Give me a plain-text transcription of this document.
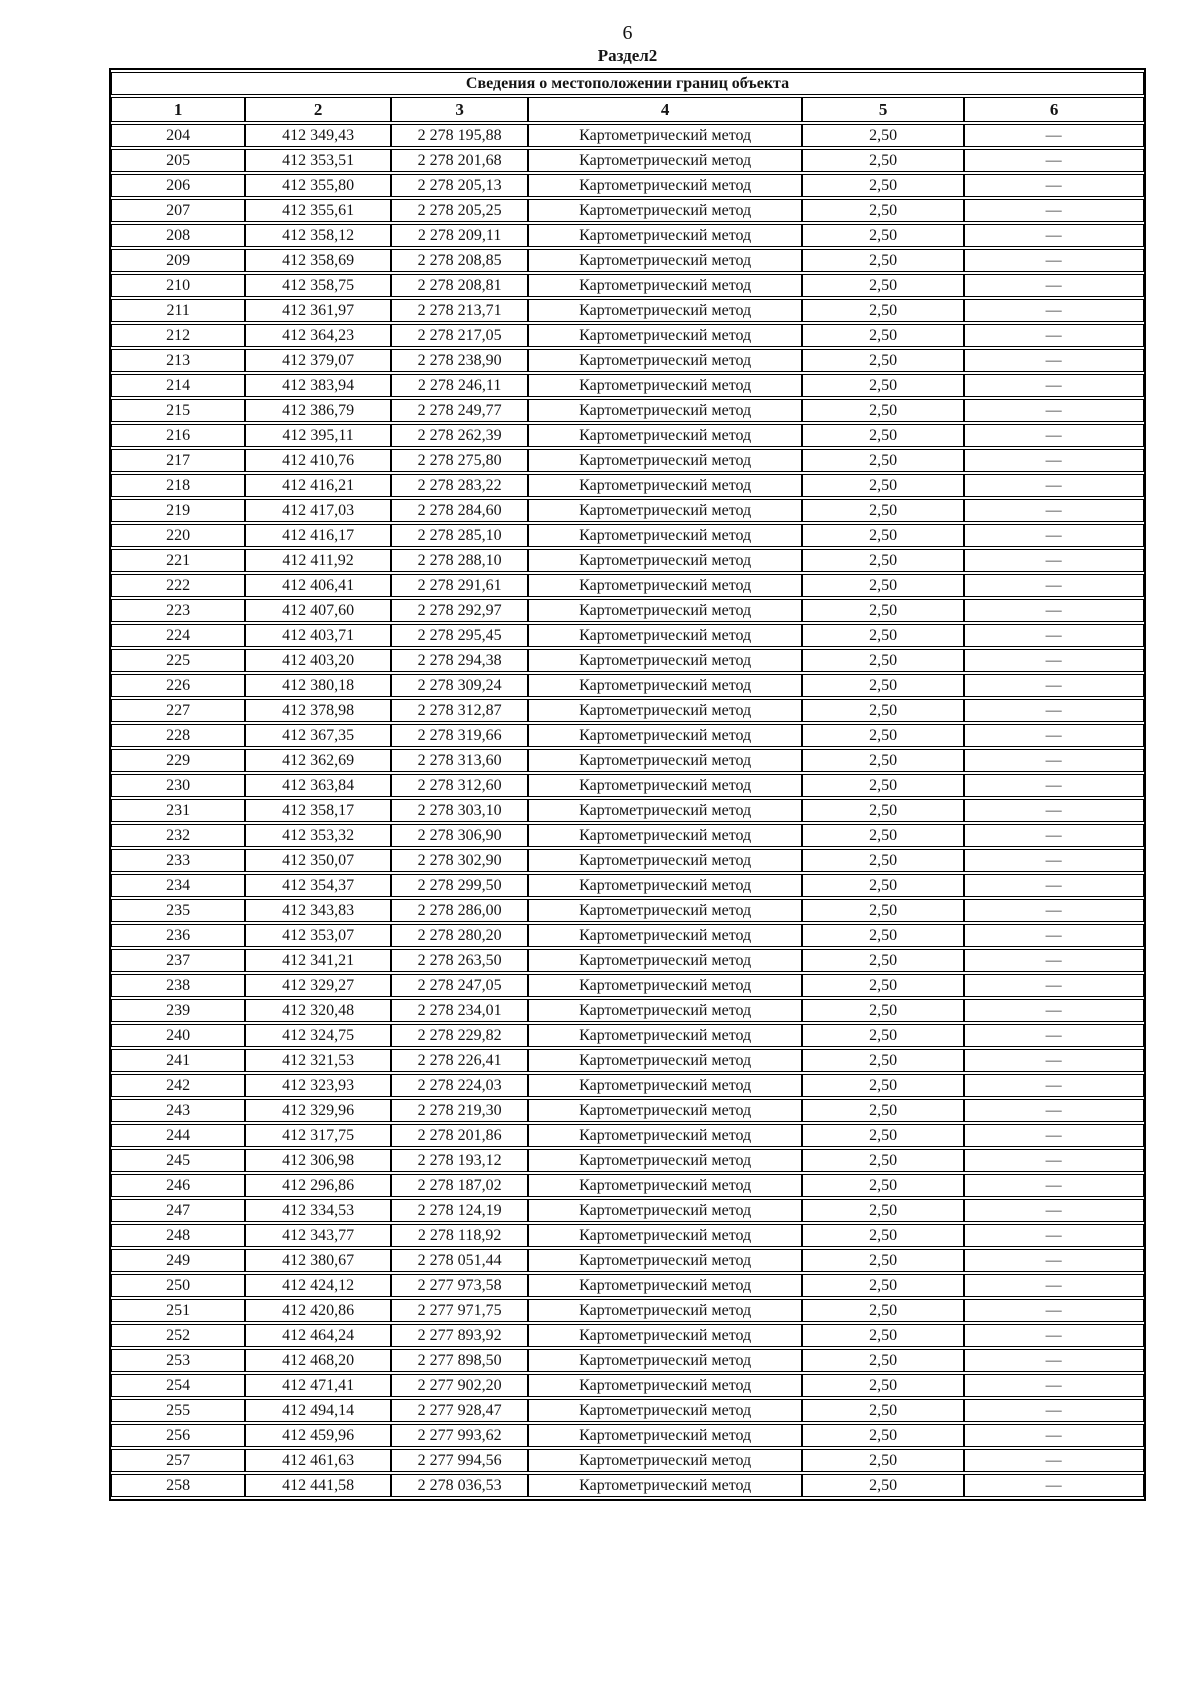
6
Раздел2
Сведения о местоположении границ объекта					
1	2	3	4	5	6
204	412 349,43	2 278 195,88	Картометрический метод	2,50	—
205	412 353,51	2 278 201,68	Картометрический метод	2,50	—
206	412 355,80	2 278 205,13	Картометрический метод	2,50	—
207	412 355,61	2 278 205,25	Картометрический метод	2,50	—
208	412 358,12	2 278 209,11	Картометрический метод	2,50	—
209	412 358,69	2 278 208,85	Картометрический метод	2,50	—
210	412 358,75	2 278 208,81	Картометрический метод	2,50	—
211	412 361,97	2 278 213,71	Картометрический метод	2,50	—
212	412 364,23	2 278 217,05	Картометрический метод	2,50	—
213	412 379,07	2 278 238,90	Картометрический метод	2,50	—
214	412 383,94	2 278 246,11	Картометрический метод	2,50	—
215	412 386,79	2 278 249,77	Картометрический метод	2,50	—
216	412 395,11	2 278 262,39	Картометрический метод	2,50	—
217	412 410,76	2 278 275,80	Картометрический метод	2,50	—
218	412 416,21	2 278 283,22	Картометрический метод	2,50	—
219	412 417,03	2 278 284,60	Картометрический метод	2,50	—
220	412 416,17	2 278 285,10	Картометрический метод	2,50	—
221	412 411,92	2 278 288,10	Картометрический метод	2,50	—
222	412 406,41	2 278 291,61	Картометрический метод	2,50	—
223	412 407,60	2 278 292,97	Картометрический метод	2,50	—
224	412 403,71	2 278 295,45	Картометрический метод	2,50	—
225	412 403,20	2 278 294,38	Картометрический метод	2,50	—
226	412 380,18	2 278 309,24	Картометрический метод	2,50	—
227	412 378,98	2 278 312,87	Картометрический метод	2,50	—
228	412 367,35	2 278 319,66	Картометрический метод	2,50	—
229	412 362,69	2 278 313,60	Картометрический метод	2,50	—
230	412 363,84	2 278 312,60	Картометрический метод	2,50	—
231	412 358,17	2 278 303,10	Картометрический метод	2,50	—
232	412 353,32	2 278 306,90	Картометрический метод	2,50	—
233	412 350,07	2 278 302,90	Картометрический метод	2,50	—
234	412 354,37	2 278 299,50	Картометрический метод	2,50	—
235	412 343,83	2 278 286,00	Картометрический метод	2,50	—
236	412 353,07	2 278 280,20	Картометрический метод	2,50	—
237	412 341,21	2 278 263,50	Картометрический метод	2,50	—
238	412 329,27	2 278 247,05	Картометрический метод	2,50	—
239	412 320,48	2 278 234,01	Картометрический метод	2,50	—
240	412 324,75	2 278 229,82	Картометрический метод	2,50	—
241	412 321,53	2 278 226,41	Картометрический метод	2,50	—
242	412 323,93	2 278 224,03	Картометрический метод	2,50	—
243	412 329,96	2 278 219,30	Картометрический метод	2,50	—
244	412 317,75	2 278 201,86	Картометрический метод	2,50	—
245	412 306,98	2 278 193,12	Картометрический метод	2,50	—
246	412 296,86	2 278 187,02	Картометрический метод	2,50	—
247	412 334,53	2 278 124,19	Картометрический метод	2,50	—
248	412 343,77	2 278 118,92	Картометрический метод	2,50	—
249	412 380,67	2 278 051,44	Картометрический метод	2,50	—
250	412 424,12	2 277 973,58	Картометрический метод	2,50	—
251	412 420,86	2 277 971,75	Картометрический метод	2,50	—
252	412 464,24	2 277 893,92	Картометрический метод	2,50	—
253	412 468,20	2 277 898,50	Картометрический метод	2,50	—
254	412 471,41	2 277 902,20	Картометрический метод	2,50	—
255	412 494,14	2 277 928,47	Картометрический метод	2,50	—
256	412 459,96	2 277 993,62	Картометрический метод	2,50	—
257	412 461,63	2 277 994,56	Картометрический метод	2,50	—
258	412 441,58	2 278 036,53	Картометрический метод	2,50	—
